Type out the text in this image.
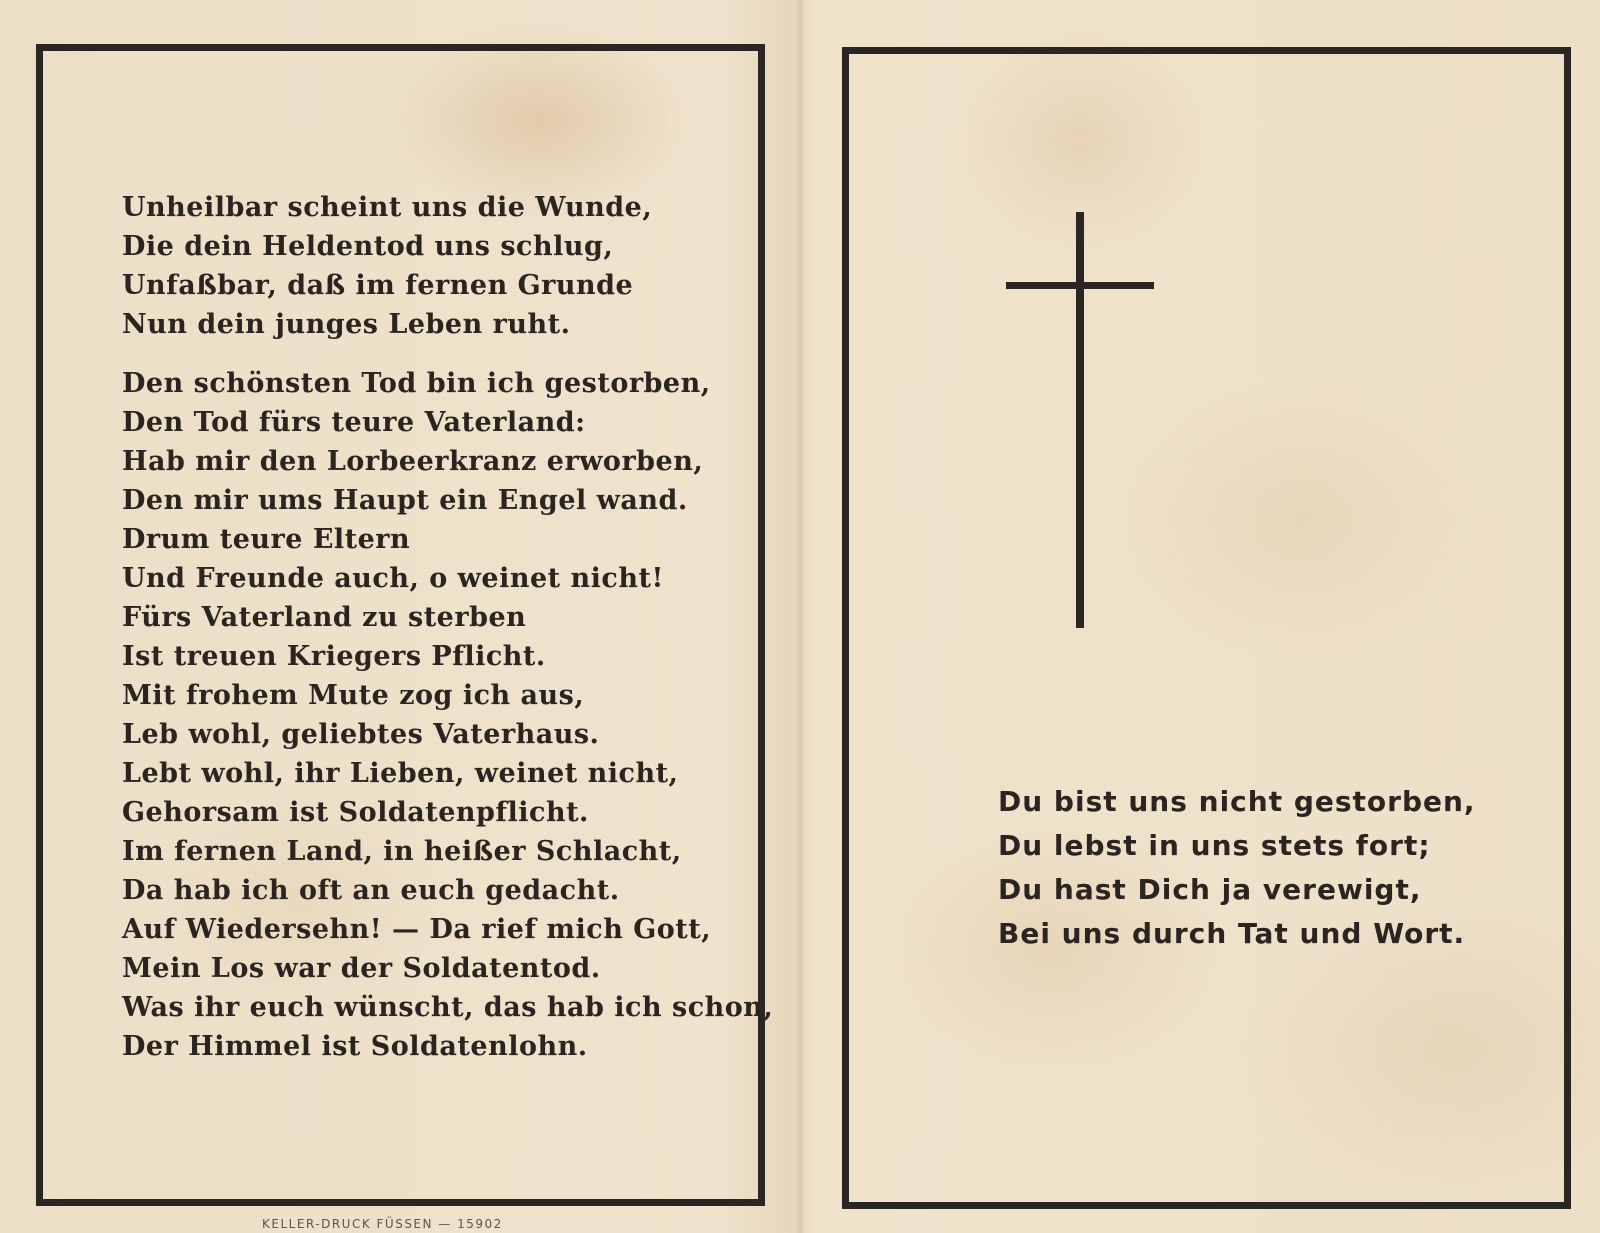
Unheilbar scheint uns die Wunde,
Die dein Heldentod uns schlug,
Unfaßbar, daß im fernen Grunde
Nun dein junges Leben ruht.
Den schönsten Tod bin ich gestorben,
Den Tod fürs teure Vaterland:
Hab mir den Lorbeerkranz erworben,
Den mir ums Haupt ein Engel wand.
Drum teure Eltern
Und Freunde auch, o weinet nicht!
Fürs Vaterland zu sterben
Ist treuen Kriegers Pflicht.
Mit frohem Mute zog ich aus,
Leb wohl, geliebtes Vaterhaus.
Lebt wohl, ihr Lieben, weinet nicht,
Gehorsam ist Soldatenpflicht.
Im fernen Land, in heißer Schlacht,
Da hab ich oft an euch gedacht.
Auf Wiedersehn! — Da rief mich Gott,
Mein Los war der Soldatentod.
Was ihr euch wünscht, das hab ich schon,
Der Himmel ist Soldatenlohn.
Du bist uns nicht gestorben,
Du lebst in uns stets fort;
Du hast Dich ja verewigt,
Bei uns durch Tat und Wort.
KELLER-DRUCK FÜSSEN — 15902
